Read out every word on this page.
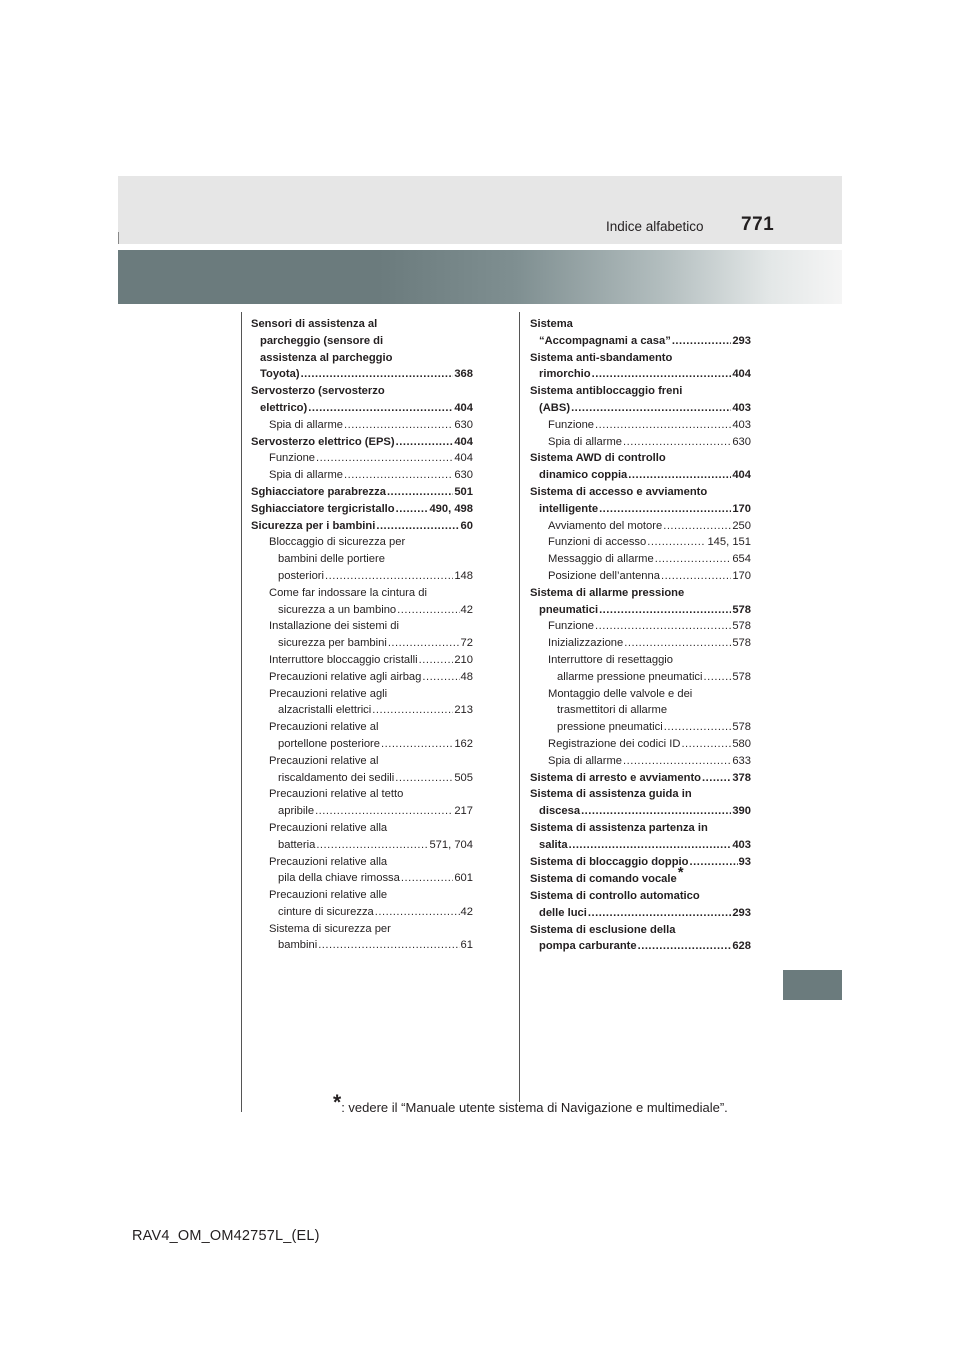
Indice alfabetico 771
Sensori di assistenza al
parcheggio (sensore di
assistenza al parcheggio
Toyota) .....	368
Servosterzo (servosterzo
elettrico) .....	404
Spia di allarme .....	630
Servosterzo elettrico (EPS) .....	404
Funzione .....	404
Spia di allarme .....	630
Sghiacciatore parabrezza .....	501
Sghiacciatore tergicristallo .....	490, 498
Sicurezza per i bambini .....	60
Bloccaggio di sicurezza per
bambini delle portiere
posteriori .....	148
Come far indossare la cintura di
sicurezza a un bambino .....	42
Installazione dei sistemi di
sicurezza per bambini .....	72
Interruttore bloccaggio cristalli .....	210
Precauzioni relative agli airbag .....	48
Precauzioni relative agli
alzacristalli elettrici .....	213
Precauzioni relative al
portellone posteriore .....	162
Precauzioni relative al
riscaldamento dei sedili .....	505
Precauzioni relative al tetto
apribile .....	217
Precauzioni relative alla
batteria .....	571, 704
Precauzioni relative alla
pila della chiave rimossa .....	601
Precauzioni relative alle
cinture di sicurezza .....	42
Sistema di sicurezza per
bambini .....	61
Sistema
“Accompagnami a casa” .....	293
Sistema anti-sbandamento
rimorchio .....	404
Sistema antibloccaggio freni
(ABS) .....	403
Funzione .....	403
Spia di allarme .....	630
Sistema AWD di controllo
dinamico coppia .....	404
Sistema di accesso e avviamento
intelligente .....	170
Avviamento del motore .....	250
Funzioni di accesso .....	145, 151
Messaggio di allarme .....	654
Posizione dell’antenna .....	170
Sistema di allarme pressione
pneumatici .....	578
Funzione .....	578
Inizializzazione .....	578
Interruttore di resettaggio
allarme pressione pneumatici .....	578
Montaggio delle valvole e dei
trasmettitori di allarme
pressione pneumatici .....	578
Registrazione dei codici ID .....	580
Spia di allarme .....	633
Sistema di arresto e avviamento .....	378
Sistema di assistenza guida in
discesa .....	390
Sistema di assistenza partenza in
salita .....	403
Sistema di bloccaggio doppio .....	93
Sistema di comando vocale*
Sistema di controllo automatico
delle luci .....	293
Sistema di esclusione della
pompa carburante .....	628
*: vedere il “Manuale utente sistema di Navigazione e multimediale”.
RAV4_OM_OM42757L_(EL)
